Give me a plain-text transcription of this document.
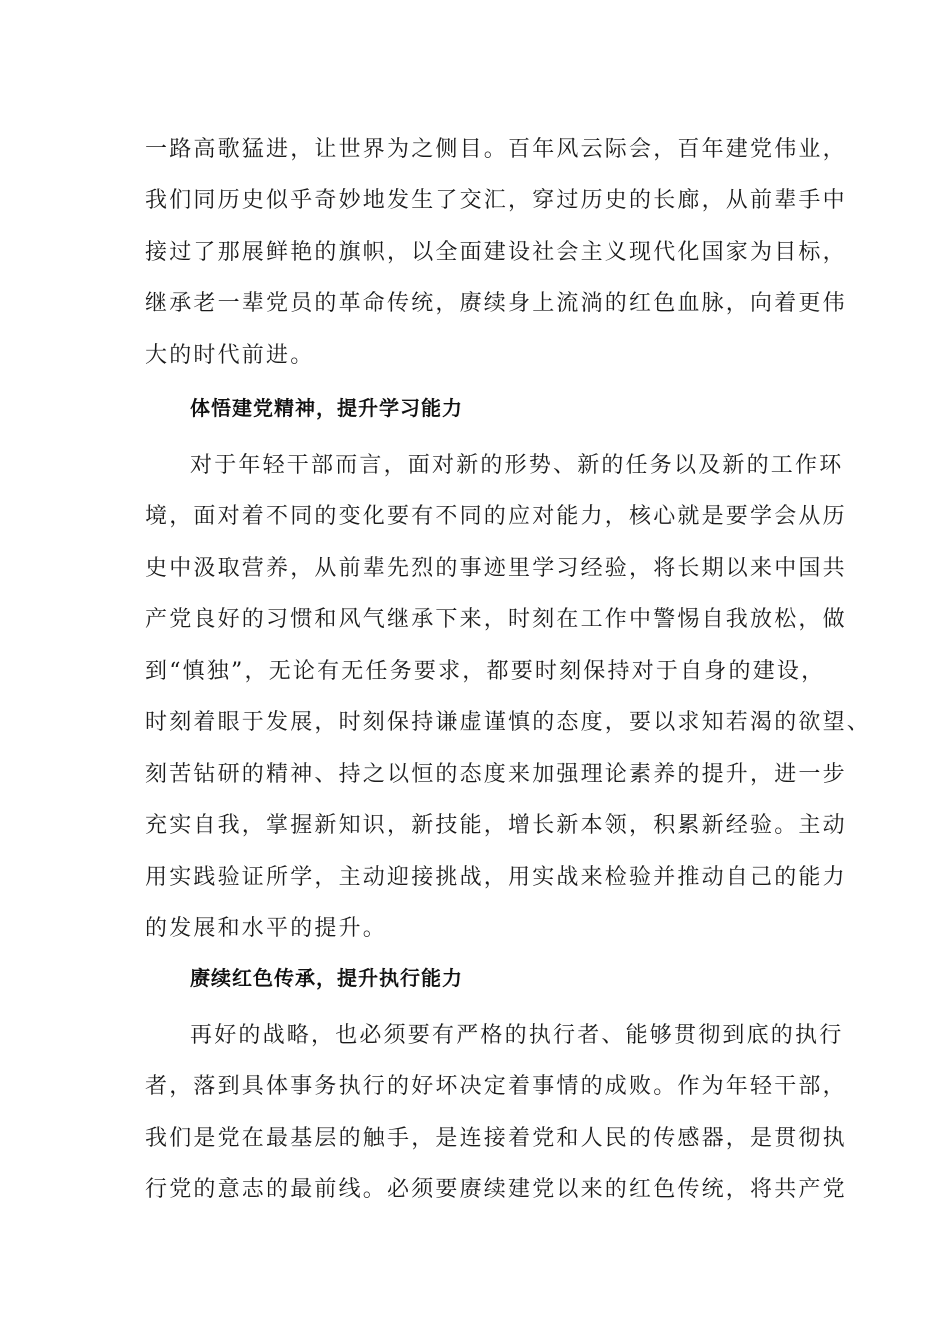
一路高歌猛进，让世界为之侧目。百年风云际会，百年建党伟业，
我们同历史似乎奇妙地发生了交汇，穿过历史的长廊，从前辈手中
接过了那展鲜艳的旗帜，以全面建设社会主义现代化国家为目标，
继承老一辈党员的革命传统，赓续身上流淌的红色血脉，向着更伟
大的时代前进。
体悟建党精神，提升学习能力
对于年轻干部而言，面对新的形势、新的任务以及新的工作环
境，面对着不同的变化要有不同的应对能力，核心就是要学会从历
史中汲取营养，从前辈先烈的事迹里学习经验，将长期以来中国共
产党良好的习惯和风气继承下来，时刻在工作中警惕自我放松，做
到“慎独”，无论有无任务要求，都要时刻保持对于自身的建设，
时刻着眼于发展，时刻保持谦虚谨慎的态度，要以求知若渴的欲望、
刻苦钻研的精神、持之以恒的态度来加强理论素养的提升，进一步
充实自我，掌握新知识，新技能，增长新本领，积累新经验。主动
用实践验证所学，主动迎接挑战，用实战来检验并推动自己的能力
的发展和水平的提升。
赓续红色传承，提升执行能力
再好的战略，也必须要有严格的执行者、能够贯彻到底的执行
者，落到具体事务执行的好坏决定着事情的成败。作为年轻干部，
我们是党在最基层的触手，是连接着党和人民的传感器，是贯彻执
行党的意志的最前线。必须要赓续建党以来的红色传统，将共产党
